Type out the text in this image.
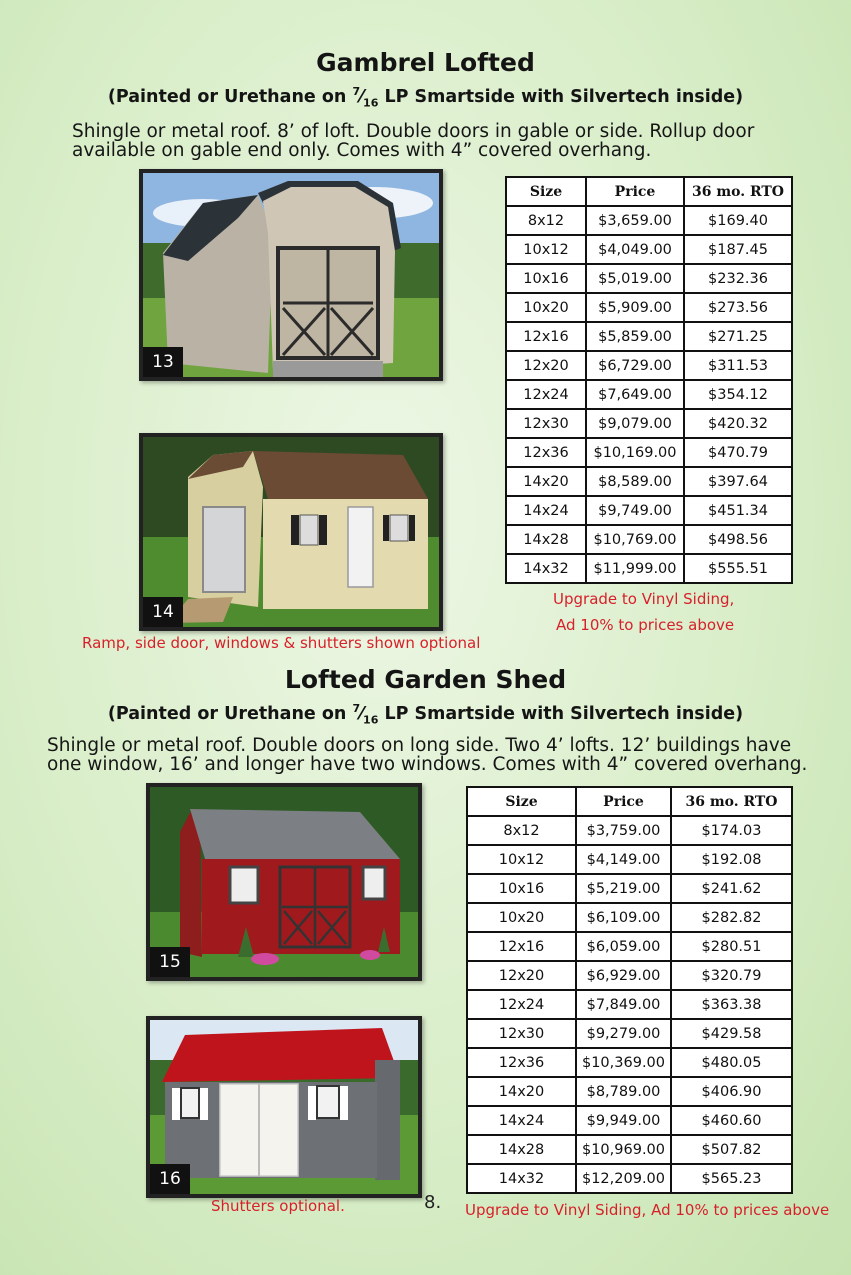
Gambrel Lofted
(Painted or Urethane on $^7⁄_{16}$ LP Smartside with Silvertech inside)
Shingle or metal roof. 8’ of loft. Double doors in gable or side. Rollup door
available on gable end only. Comes with 4” covered overhang.
13
14
Ramp, side door, windows & shutters shown optional
Size	Price	36 mo. RTO
8x12	$3,659.00	$169.40
10x12	$4,049.00	$187.45
10x16	$5,019.00	$232.36
10x20	$5,909.00	$273.56
12x16	$5,859.00	$271.25
12x20	$6,729.00	$311.53
12x24	$7,649.00	$354.12
12x30	$9,079.00	$420.32
12x36	$10,169.00	$470.79
14x20	$8,589.00	$397.64
14x24	$9,749.00	$451.34
14x28	$10,769.00	$498.56
14x32	$11,999.00	$555.51
Upgrade to Vinyl Siding,
Ad 10% to prices above
Lofted Garden Shed
(Painted or Urethane on $^7⁄_{16}$ LP Smartside with Silvertech inside)
Shingle or metal roof. Double doors on long side. Two 4’ lofts. 12’ buildings have
one window, 16’ and longer have two windows. Comes with 4” covered overhang.
15
16
Shutters optional.
Size	Price	36 mo. RTO
8x12	$3,759.00	$174.03
10x12	$4,149.00	$192.08
10x16	$5,219.00	$241.62
10x20	$6,109.00	$282.82
12x16	$6,059.00	$280.51
12x20	$6,929.00	$320.79
12x24	$7,849.00	$363.38
12x30	$9,279.00	$429.58
12x36	$10,369.00	$480.05
14x20	$8,789.00	$406.90
14x24	$9,949.00	$460.60
14x28	$10,969.00	$507.82
14x32	$12,209.00	$565.23
Upgrade to Vinyl Siding, Ad 10% to prices above
8.
